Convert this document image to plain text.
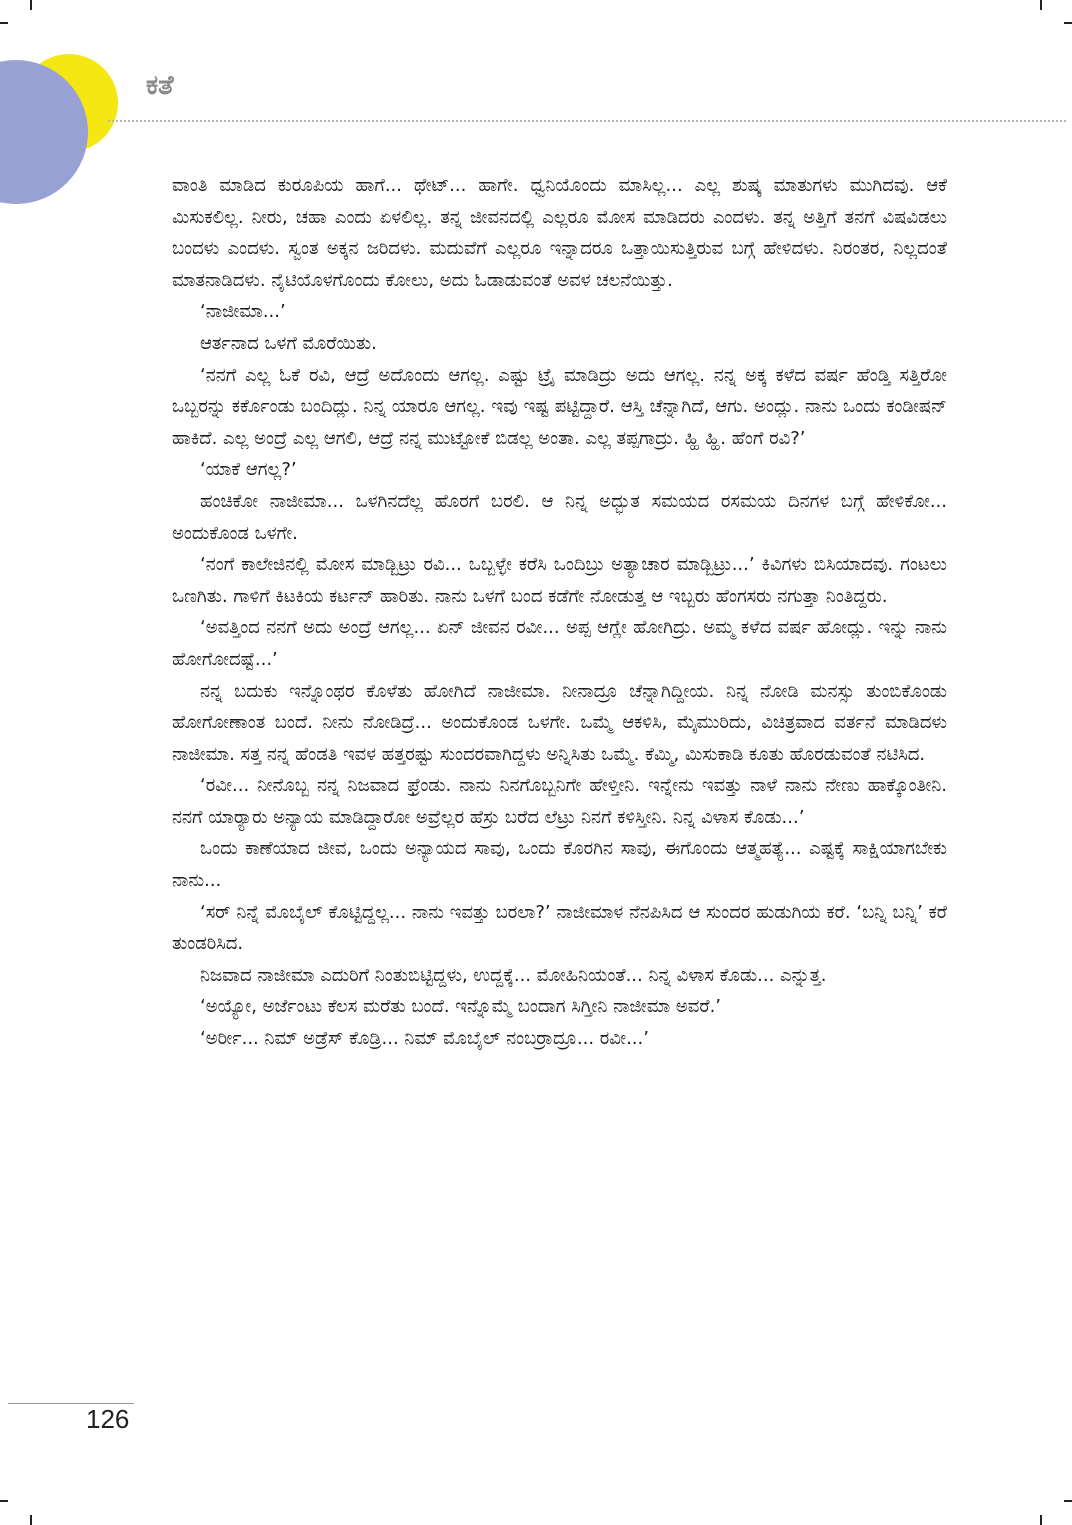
ಕತೆ

ವಾಂತಿ ಮಾಡಿದ ಕುರೂಪಿಯ ಹಾಗೆ... ಥೇಟ್... ಹಾಗೇ. ಧ್ವನಿಯೊಂದು ಮಾಸಿಲ್ಲ... ಎಲ್ಲ ಶುಷ್ಕ ಮಾತುಗಳು ಮುಗಿದವು. ಆಕೆ ಮಿಸುಕಲಿಲ್ಲ. ನೀರು, ಚಹಾ ಎಂದು ಏಳಲಿಲ್ಲ. ತನ್ನ ಜೀವನದಲ್ಲಿ ಎಲ್ಲರೂ ಮೋಸ ಮಾಡಿದರು ಎಂದಳು. ತನ್ನ ಅತ್ತಿಗೆ ತನಗೆ ವಿಷವಿಡಲು ಬಂದಳು ಎಂದಳು. ಸ್ವಂತ ಅಕ್ಕನ ಜರಿದಳು. ಮದುವೆಗೆ ಎಲ್ಲರೂ ಇನ್ನಾದರೂ ಒತ್ತಾಯಿಸುತ್ತಿರುವ ಬಗ್ಗೆ ಹೇಳಿದಳು. ನಿರಂತರ, ನಿಲ್ಲದಂತೆ ಮಾತನಾಡಿದಳು. ನೈಟಿಯೊಳಗೊಂದು ಕೋಲು, ಅದು ಓಡಾಡುವಂತೆ ಅವಳ ಚಲನೆಯಿತ್ತು.

‘ನಾಜೀಮಾ...’

ಆರ್ತನಾದ ಒಳಗೆ ಮೊರೆಯಿತು.

‘ನನಗೆ ಎಲ್ಲ ಓಕೆ ರವಿ, ಆದ್ರೆ ಅದೊಂದು ಆಗಲ್ಲ. ಎಷ್ಟು ಟ್ರೈ ಮಾಡಿದ್ರು ಅದು ಆಗಲ್ಲ. ನನ್ನ ಅಕ್ಕ ಕಳೆದ ವರ್ಷ ಹೆಂಡ್ತಿ ಸತ್ತಿರೋ ಒಬ್ಬರನ್ನು ಕರ್ಕೊಂಡು ಬಂದಿದ್ಲು. ನಿನ್ನ ಯಾರೂ ಆಗಲ್ಲ. ಇವು ಇಷ್ಟ ಪಟ್ಟಿದ್ದಾರೆ. ಆಸ್ತಿ ಚೆನ್ನಾಗಿದೆ, ಆಗು. ಅಂದ್ಲು. ನಾನು ಒಂದು ಕಂಡೀಷನ್ ಹಾಕಿದೆ. ಎಲ್ಲ ಅಂದ್ರೆ ಎಲ್ಲ ಆಗಲಿ, ಆದ್ರೆ ನನ್ನ ಮುಟ್ಟೋಕೆ ಬಿಡಲ್ಲ ಅಂತಾ. ಎಲ್ಲ ತಪ್ಪಗಾದ್ರು. ಹ್ಹಿ ಹ್ಹಿ. ಹೆಂಗೆ ರವಿ?’

‘ಯಾಕೆ ಆಗಲ್ಲ?’

ಹಂಚಿಕೋ ನಾಜೀಮಾ... ಒಳಗಿನದೆಲ್ಲ ಹೊರಗೆ ಬರಲಿ. ಆ ನಿನ್ನ ಅದ್ಭುತ ಸಮಯದ ರಸಮಯ ದಿನಗಳ ಬಗ್ಗೆ ಹೇಳಿಕೋ... ಅಂದುಕೊಂಡ ಒಳಗೇ.

‘ನಂಗೆ ಕಾಲೇಜಿನಲ್ಲಿ ಮೋಸ ಮಾಡ್ಬಿಟ್ರು ರವಿ... ಒಬ್ಬಳ್ಳೇ ಕರೆಸಿ ಒಂದಿಬ್ರು ಅತ್ಯಾಚಾರ ಮಾಡ್ಬಿಟ್ರು...’ ಕಿವಿಗಳು ಬಿಸಿಯಾದವು. ಗಂಟಲು ಒಣಗಿತು. ಗಾಳಿಗೆ ಕಿಟಕಿಯ ಕರ್ಟನ್ ಹಾರಿತು. ನಾನು ಒಳಗೆ ಬಂದ ಕಡೆಗೇ ನೋಡುತ್ತ ಆ ಇಬ್ಬರು ಹೆಂಗಸರು ನಗುತ್ತಾ ನಿಂತಿದ್ದರು.

‘ಅವತ್ತಿಂದ ನನಗೆ ಅದು ಅಂದ್ರೆ ಆಗಲ್ಲ... ಏನ್ ಜೀವನ ರವೀ... ಅಪ್ಪ ಆಗ್ಲೇ ಹೋಗಿದ್ರು. ಅಮ್ಮ ಕಳೆದ ವರ್ಷ ಹೋದ್ಲು. ಇನ್ನು ನಾನು ಹೋಗೋದಷ್ಟೆ...’

ನನ್ನ ಬದುಕು ಇನ್ನೊಂಥರ ಕೊಳೆತು ಹೋಗಿದೆ ನಾಜೀಮಾ. ನೀನಾದ್ರೂ ಚೆನ್ನಾಗಿದ್ದೀಯ. ನಿನ್ನ ನೋಡಿ ಮನಸ್ಸು ತುಂಬಿಕೊಂಡು ಹೋಗೋಣಾಂತ ಬಂದೆ. ನೀನು ನೋಡಿದ್ರೆ... ಅಂದುಕೊಂಡ ಒಳಗೇ. ಒಮ್ಮೆ ಆಕಳಿಸಿ, ಮೈಮುರಿದು, ವಿಚಿತ್ರವಾದ ವರ್ತನೆ ಮಾಡಿದಳು ನಾಜೀಮಾ. ಸತ್ತ ನನ್ನ ಹೆಂಡತಿ ಇವಳ ಹತ್ತರಷ್ಟು ಸುಂದರವಾಗಿದ್ದಳು ಅನ್ನಿಸಿತು ಒಮ್ಮೆ. ಕೆಮ್ಮಿ, ಮಿಸುಕಾಡಿ ಕೂತು ಹೊರಡುವಂತೆ ನಟಿಸಿದ.

‘ರವೀ... ನೀನೊಬ್ಬ ನನ್ನ ನಿಜವಾದ ಫ್ರೆಂಡು. ನಾನು ನಿನಗೊಬ್ಬನಿಗೇ ಹೇಳ್ತೀನಿ. ಇನ್ನೇನು ಇವತ್ತು ನಾಳೆ ನಾನು ನೇಣು ಹಾಕ್ಕೊಂತೀನಿ. ನನಗೆ ಯಾರ್‍ಯಾರು ಅನ್ಯಾಯ ಮಾಡಿದ್ದಾರೋ ಅವ್ರೆಲ್ಲರ ಹೆಸ್ರು ಬರೆದ ಲೆಟ್ರು ನಿನಗೆ ಕಳಿಸ್ತೀನಿ. ನಿನ್ನ ವಿಳಾಸ ಕೊಡು...’

ಒಂದು ಕಾಣೆಯಾದ ಜೀವ, ಒಂದು ಅನ್ಯಾಯದ ಸಾವು, ಒಂದು ಕೊರಗಿನ ಸಾವು, ಈಗೊಂದು ಆತ್ಮಹತ್ಯೆ... ಎಷ್ಟಕ್ಕೆ ಸಾಕ್ಷಿಯಾಗಬೇಕು ನಾನು...

‘ಸರ್ ನಿನ್ನೆ ಮೊಬೈಲ್ ಕೊಟ್ಟಿದ್ದಲ್ಲ... ನಾನು ಇವತ್ತು ಬರಲಾ?’ ನಾಜೀಮಾಳ ನೆನಪಿಸಿದ ಆ ಸುಂದರ ಹುಡುಗಿಯ ಕರೆ. ‘ಬನ್ನಿ ಬನ್ನಿ’ ಕರೆ ತುಂಡರಿಸಿದ.

ನಿಜವಾದ ನಾಜೀಮಾ ಎದುರಿಗೆ ನಿಂತುಬಿಟ್ಟಿದ್ದಳು, ಉದ್ದಕ್ಕೆ... ಮೋಹಿನಿಯಂತೆ... ನಿನ್ನ ವಿಳಾಸ ಕೊಡು... ಎನ್ನುತ್ತ.

‘ಅಯ್ಯೋ, ಅರ್ಜೆಂಟು ಕೆಲಸ ಮರೆತು ಬಂದೆ. ಇನ್ನೊಮ್ಮೆ ಬಂದಾಗ ಸಿಗ್ತೀನಿ ನಾಜೀಮಾ ಅವರೆ.’

‘ಅರ್ರೀ... ನಿಮ್ ಅಡ್ರೆಸ್ ಕೊಡ್ರಿ... ನಿಮ್ ಮೊಬೈಲ್ ನಂಬರ್ರಾದ್ರೂ... ರವೀ...’

126
